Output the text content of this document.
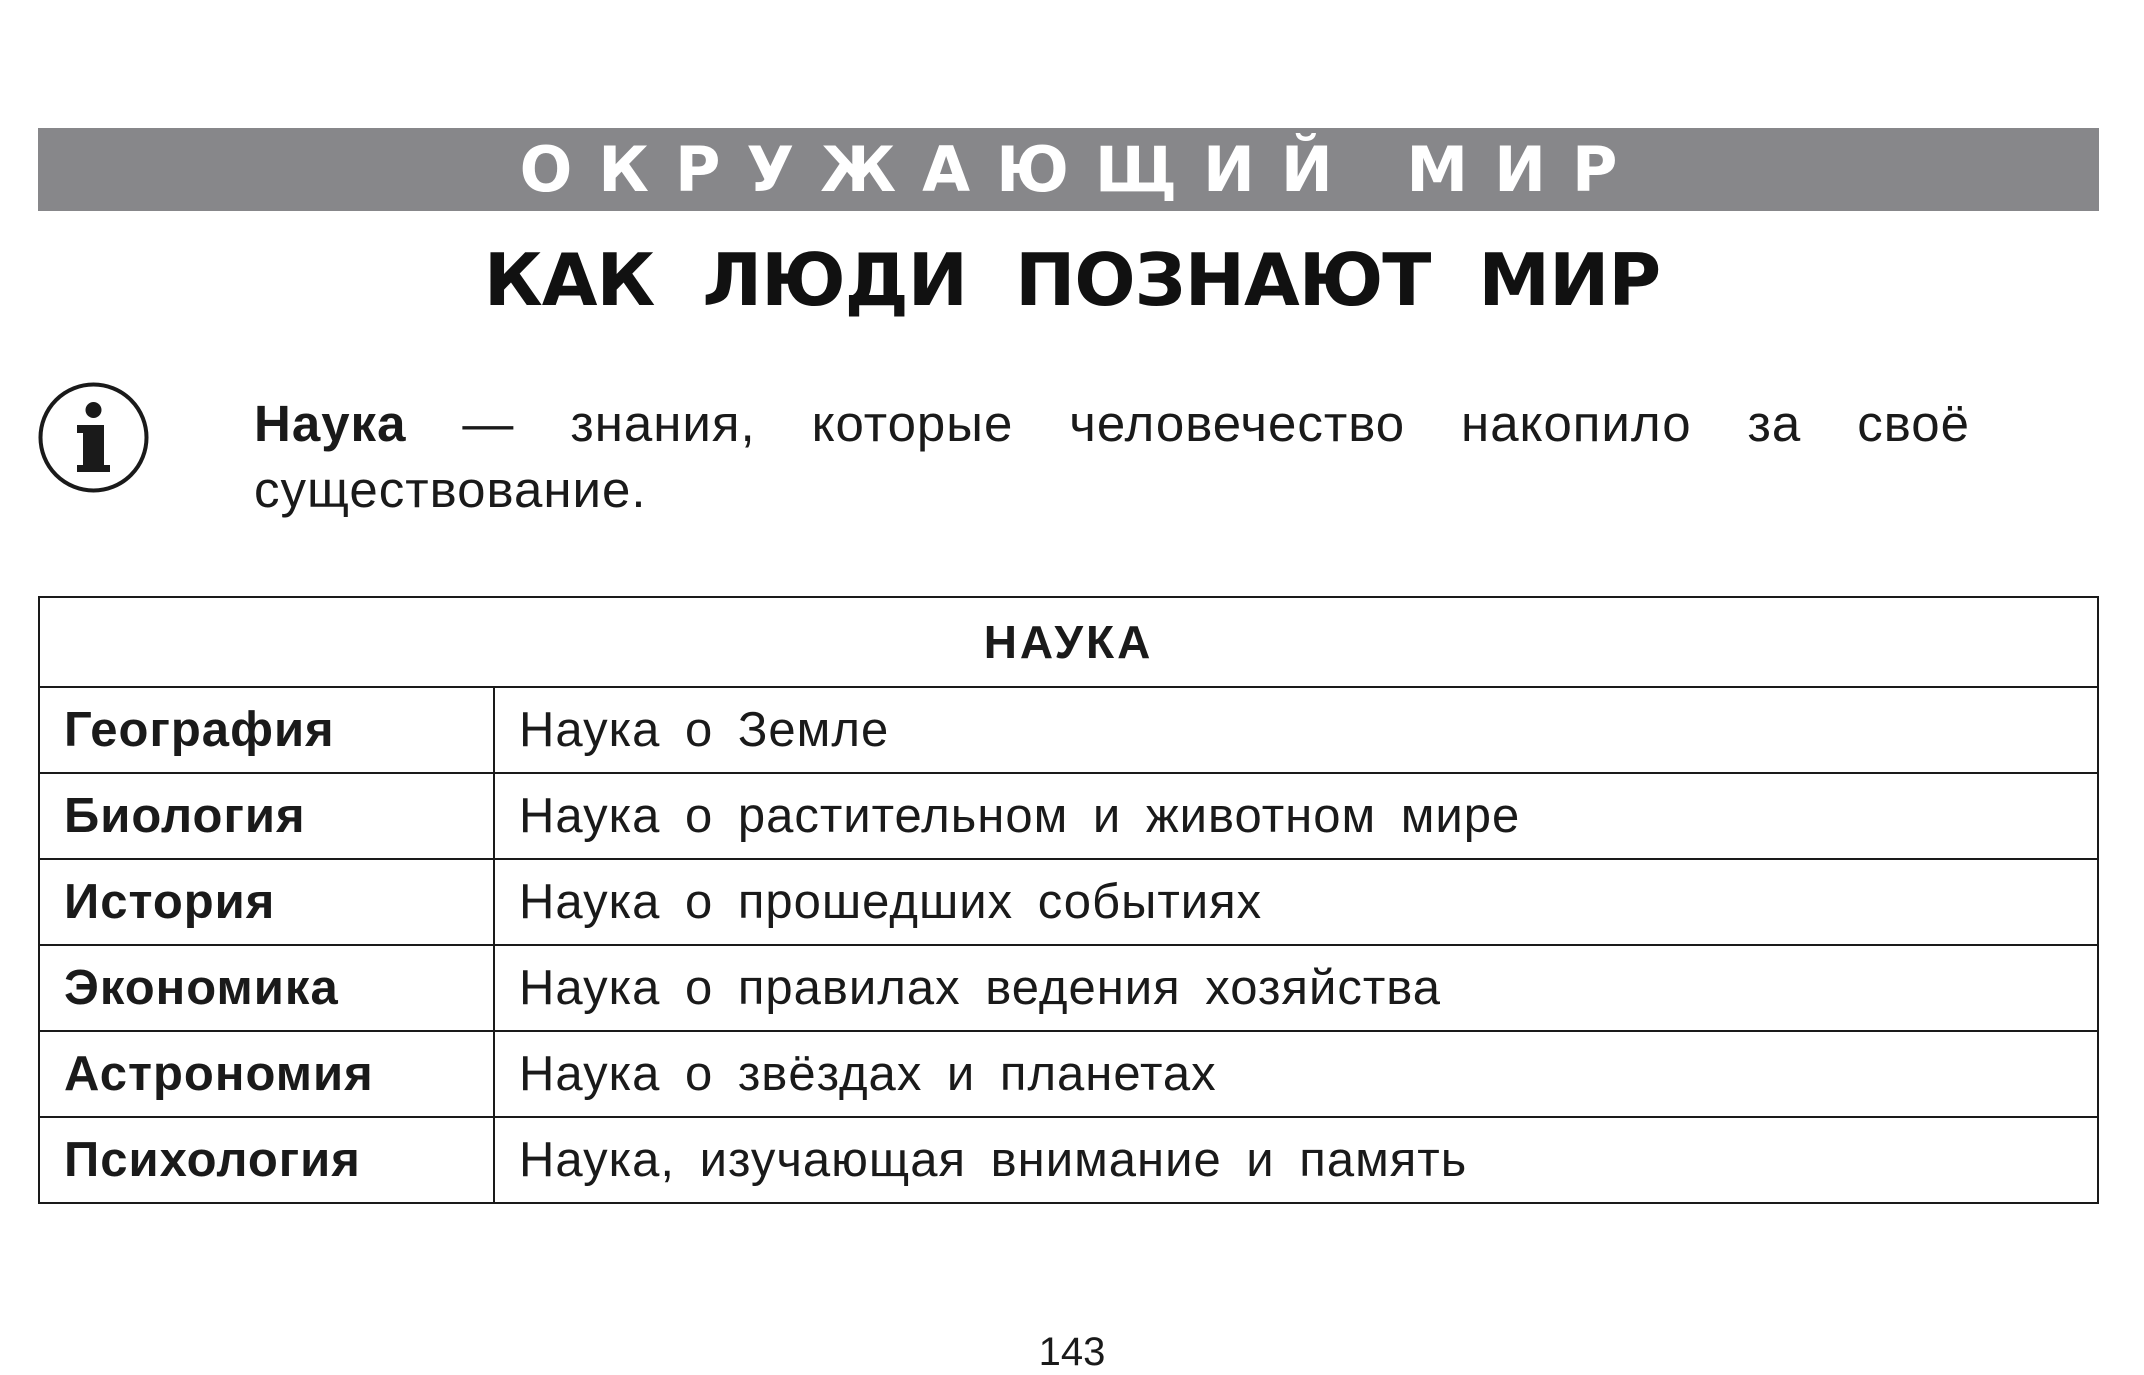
ОКРУЖАЮЩИЙ МИР
КАК ЛЮДИ ПОЗНАЮТ МИР
Наука — знания, которые человечество накопило за своё существование.
НАУКА	
География	Наука о Земле
Биология	Наука о растительном и животном мире
История	Наука о прошедших событиях
Экономика	Наука о правилах ведения хозяйства
Астрономия	Наука о звёздах и планетах
Психология	Наука, изучающая внимание и память
143
